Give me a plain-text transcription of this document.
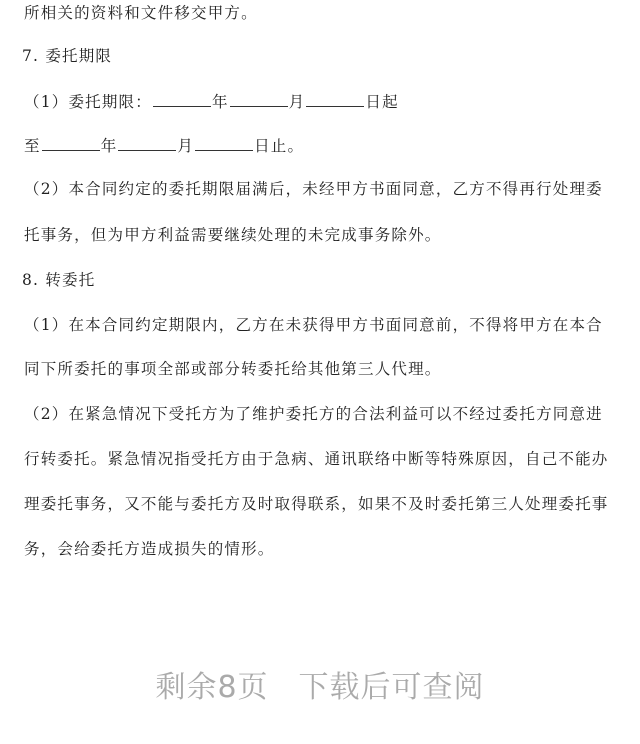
所相关的资料和文件移交甲方。
7. 委托期限
（1）委托期限：	年	月	日起
至	年	月	日止。
（2）本合同约定的委托期限届满后，未经甲方书面同意，乙方不得再行处理委
托事务，但为甲方利益需要继续处理的未完成事务除外。
8. 转委托
（1）在本合同约定期限内，乙方在未获得甲方书面同意前，不得将甲方在本合
同下所委托的事项全部或部分转委托给其他第三人代理。
（2）在紧急情况下受托方为了维护委托方的合法利益可以不经过委托方同意进
行转委托。紧急情况指受托方由于急病、通讯联络中断等特殊原因，自己不能办
理委托事务，又不能与委托方及时取得联系，如果不及时委托第三人处理委托事
务，会给委托方造成损失的情形。
剩余8页 下载后可查阅
